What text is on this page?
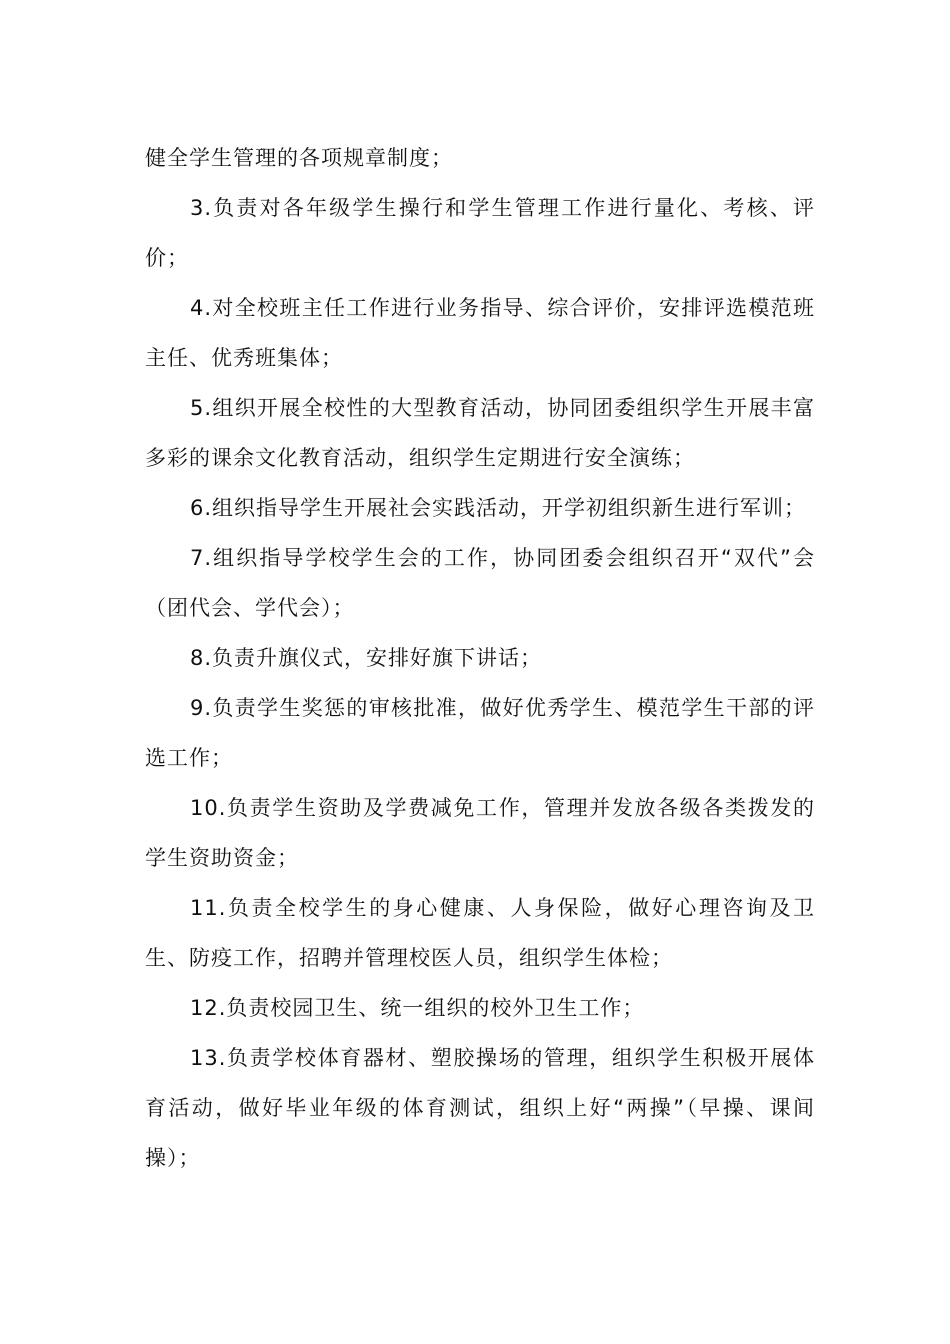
健全学生管理的各项规章制度；

3.负责对各年级学生操行和学生管理工作进行量化、考核、评价；

4.对全校班主任工作进行业务指导、综合评价，安排评选模范班主任、优秀班集体；

5.组织开展全校性的大型教育活动，协同团委组织学生开展丰富多彩的课余文化教育活动，组织学生定期进行安全演练；

6.组织指导学生开展社会实践活动，开学初组织新生进行军训；

7.组织指导学校学生会的工作，协同团委会组织召开“双代”会（团代会、学代会）；

8.负责升旗仪式，安排好旗下讲话；

9.负责学生奖惩的审核批准，做好优秀学生、模范学生干部的评选工作；

10.负责学生资助及学费减免工作，管理并发放各级各类拨发的学生资助资金；

11.负责全校学生的身心健康、人身保险，做好心理咨询及卫生、防疫工作，招聘并管理校医人员，组织学生体检；

12.负责校园卫生、统一组织的校外卫生工作；

13.负责学校体育器材、塑胶操场的管理，组织学生积极开展体育活动，做好毕业年级的体育测试，组织上好“两操”（早操、课间操）；
